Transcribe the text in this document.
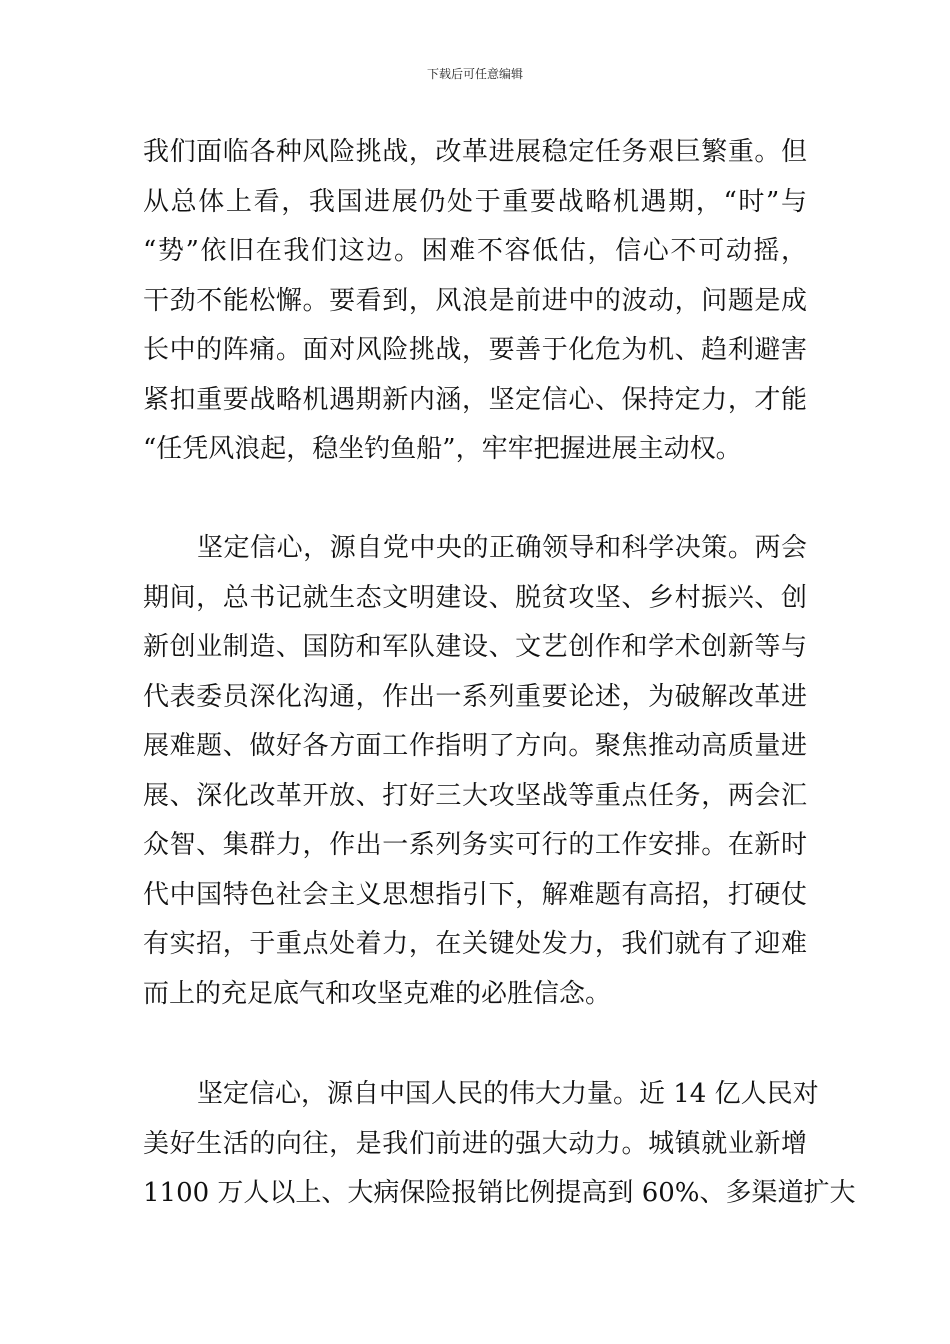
下载后可任意编辑
我们面临各种风险挑战，改革进展稳定任务艰巨繁重。但
从总体上看，我国进展仍处于重要战略机遇期，“时”与
“势”依旧在我们这边。困难不容低估，信心不可动摇，
干劲不能松懈。要看到，风浪是前进中的波动，问题是成
长中的阵痛。面对风险挑战，要善于化危为机、趋利避害
紧扣重要战略机遇期新内涵，坚定信心、保持定力，才能
“任凭风浪起，稳坐钓鱼船”，牢牢把握进展主动权。
坚定信心，源自党中央的正确领导和科学决策。两会
期间，总书记就生态文明建设、脱贫攻坚、乡村振兴、创
新创业制造、国防和军队建设、文艺创作和学术创新等与
代表委员深化沟通，作出一系列重要论述，为破解改革进
展难题、做好各方面工作指明了方向。聚焦推动高质量进
展、深化改革开放、打好三大攻坚战等重点任务，两会汇
众智、集群力，作出一系列务实可行的工作安排。在新时
代中国特色社会主义思想指引下，解难题有高招，打硬仗
有实招，于重点处着力，在关键处发力，我们就有了迎难
而上的充足底气和攻坚克难的必胜信念。
坚定信心，源自中国人民的伟大力量。近 14 亿人民对
美好生活的向往，是我们前进的强大动力。城镇就业新增
1100 万人以上、大病保险报销比例提高到 60%、多渠道扩大
